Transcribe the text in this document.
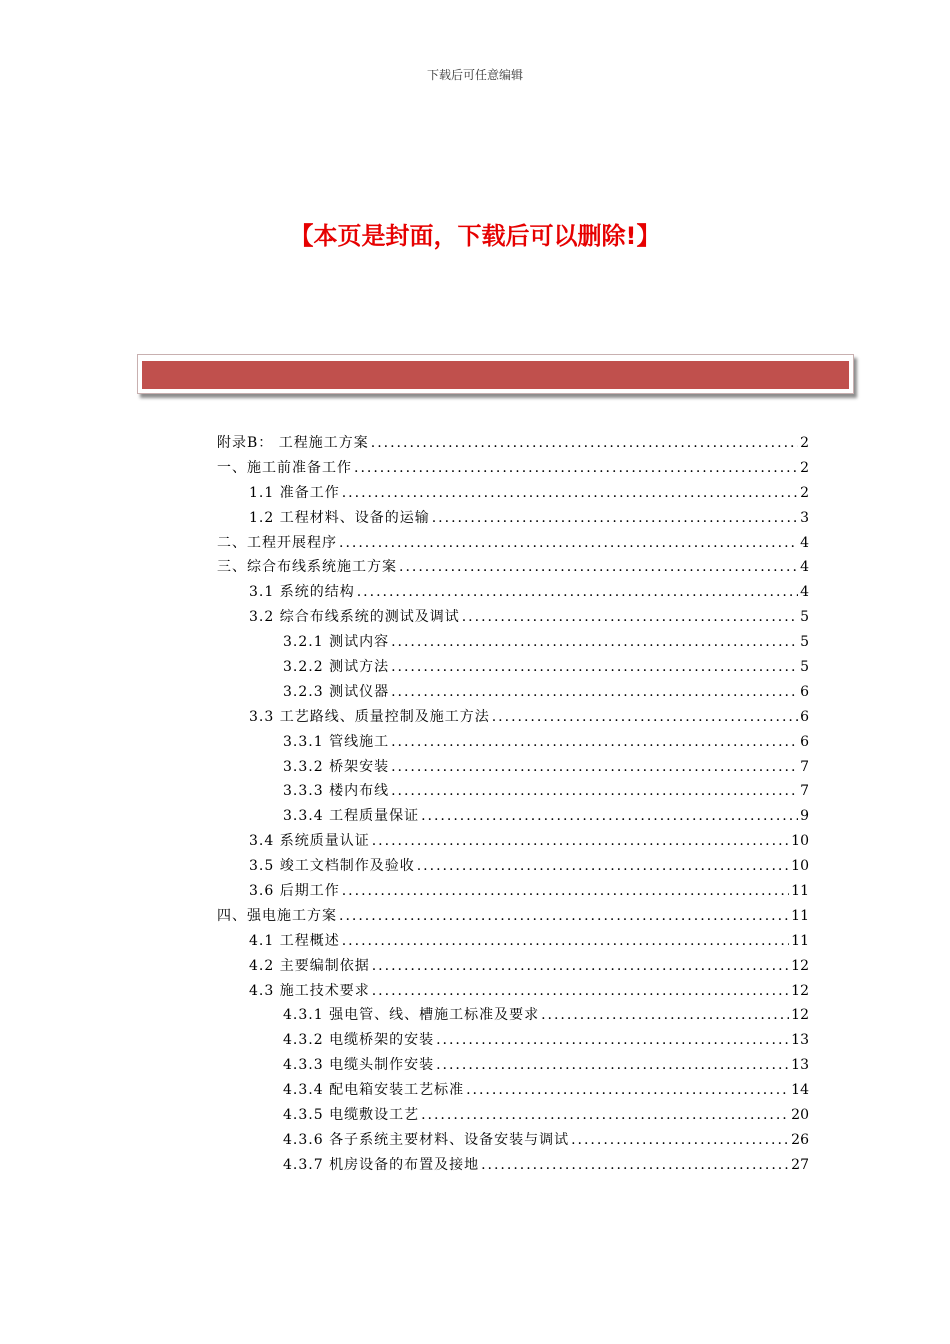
下载后可任意编辑
【本页是封面，下载后可以删除!】
附录B： 工程施工方案 .....	2
一、施工前准备工作 .....	2
1.1 准备工作 .....	2
1.2 工程材料、设备的运输 .....	3
二、工程开展程序 .....	4
三、综合布线系统施工方案 .....	4
3.1 系统的结构 .....	4
3.2 综合布线系统的测试及调试 .....	5
3.2.1 测试内容 .....	5
3.2.2 测试方法 .....	5
3.2.3 测试仪器 .....	6
3.3 工艺路线、质量控制及施工方法 .....	6
3.3.1 管线施工 .....	6
3.3.2 桥架安装 .....	7
3.3.3 楼内布线 .....	7
3.3.4 工程质量保证 .....	9
3.4 系统质量认证 .....	10
3.5 竣工文档制作及验收 .....	10
3.6 后期工作 .....	11
四、强电施工方案 .....	11
4.1 工程概述 .....	11
4.2 主要编制依据 .....	12
4.3 施工技术要求 .....	12
4.3.1 强电管、线、槽施工标准及要求 .....	12
4.3.2 电缆桥架的安装 .....	13
4.3.3 电缆头制作安装 .....	13
4.3.4 配电箱安装工艺标准 .....	14
4.3.5 电缆敷设工艺 .....	20
4.3.6 各子系统主要材料、设备安装与调试 .....	26
4.3.7 机房设备的布置及接地 .....	27
